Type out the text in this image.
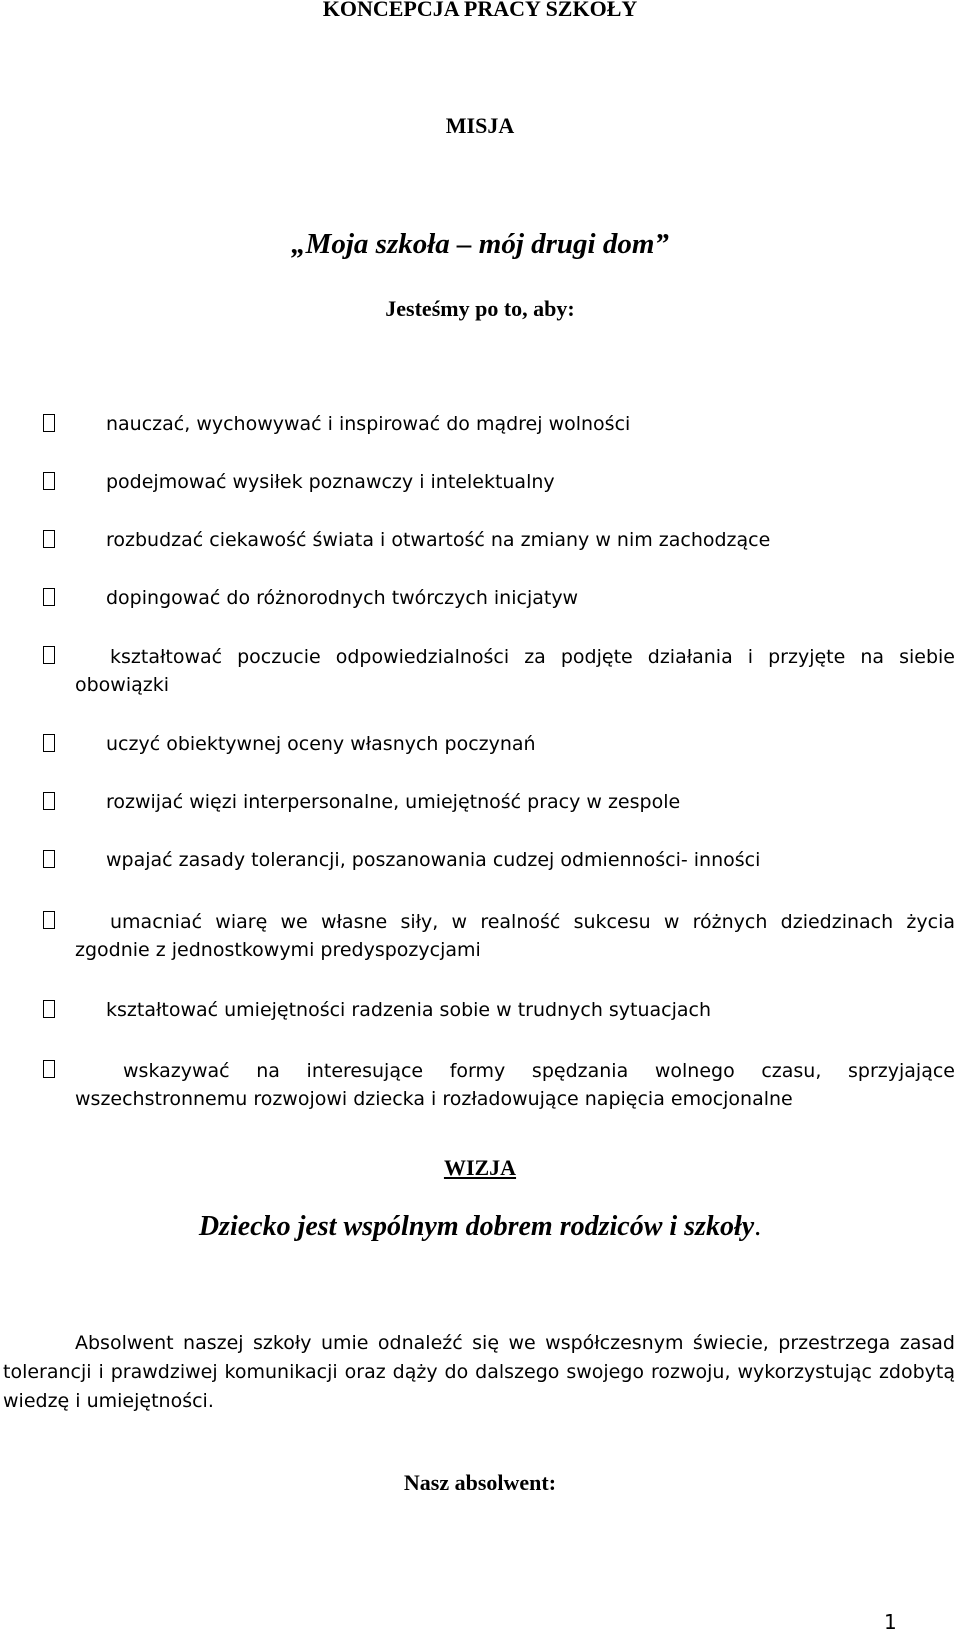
KONCEPCJA PRACY SZKOŁY
MISJA
„Moja szkoła – mój drugi dom”
Jesteśmy po to, aby:
nauczać, wychowywać i inspirować do mądrej wolności
podejmować wysiłek poznawczy i intelektualny
rozbudzać ciekawość świata i otwartość na zmiany w nim zachodzące
dopingować do różnorodnych twórczych inicjatyw
kształtować poczucie odpowiedzialności za podjęte działania i przyjęte na siebie obowiązki
uczyć obiektywnej oceny własnych poczynań
rozwijać więzi interpersonalne, umiejętność pracy w zespole
wpajać zasady tolerancji, poszanowania cudzej odmienności- inności
umacniać wiarę we własne siły, w realność sukcesu w różnych dziedzinach życia zgodnie z jednostkowymi predyspozycjami
kształtować umiejętności radzenia sobie w trudnych sytuacjach
wskazywać na interesujące formy spędzania wolnego czasu, sprzyjające wszechstronnemu rozwojowi dziecka i rozładowujące napięcia emocjonalne
WIZJA
Dziecko jest wspólnym dobrem rodziców i szkoły.
Absolwent naszej szkoły umie odnaleźć się we współczesnym świecie, przestrzega zasad tolerancji i prawdziwej komunikacji oraz dąży do dalszego swojego rozwoju, wykorzystując zdobytą wiedzę i umiejętności.
Nasz absolwent:
1
